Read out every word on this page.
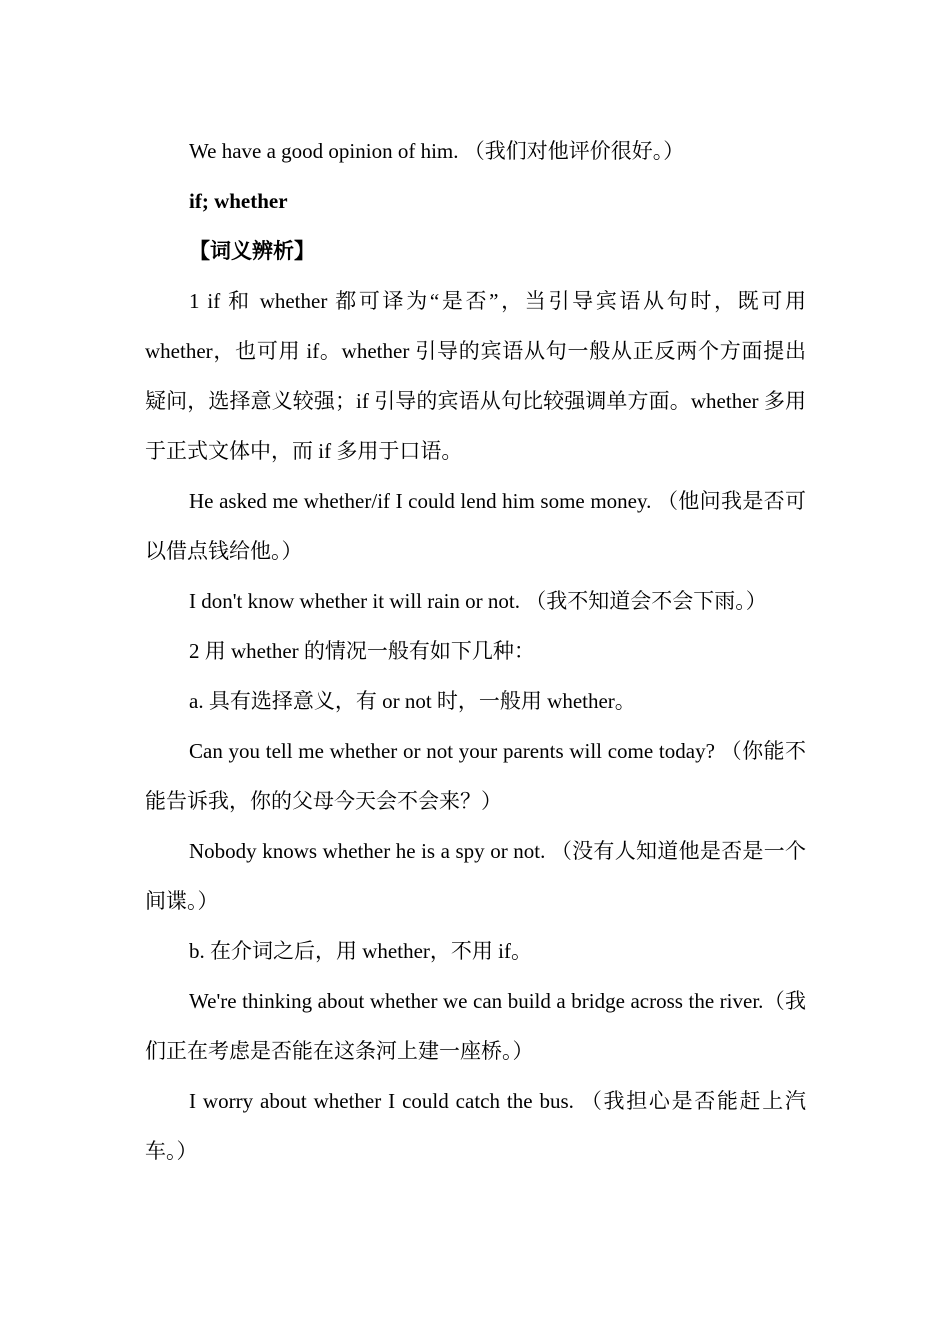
We have a good opinion of him. （我们对他评价很好。）

if; whether

【词义辨析】

1 if 和 whether 都可译为“是否”，当引导宾语从句时，既可用 whether，也可用 if。whether 引导的宾语从句一般从正反两个方面提出疑问，选择意义较强；if 引导的宾语从句比较强调单方面。whether 多用于正式文体中，而 if 多用于口语。

He asked me whether/if I could lend him some money. （他问我是否可以借点钱给他。）

I don't know whether it will rain or not. （我不知道会不会下雨。）

2 用 whether 的情况一般有如下几种：

a. 具有选择意义，有 or not 时，一般用 whether。

Can you tell me whether or not your parents will come today? （你能不能告诉我，你的父母今天会不会来？）

Nobody knows whether he is a spy or not. （没有人知道他是否是一个间谍。）

b. 在介词之后，用 whether，不用 if。

We're thinking about whether we can build a bridge across the river.（我们正在考虑是否能在这条河上建一座桥。）

I worry about whether I could catch the bus. （我担心是否能赶上汽车。）
